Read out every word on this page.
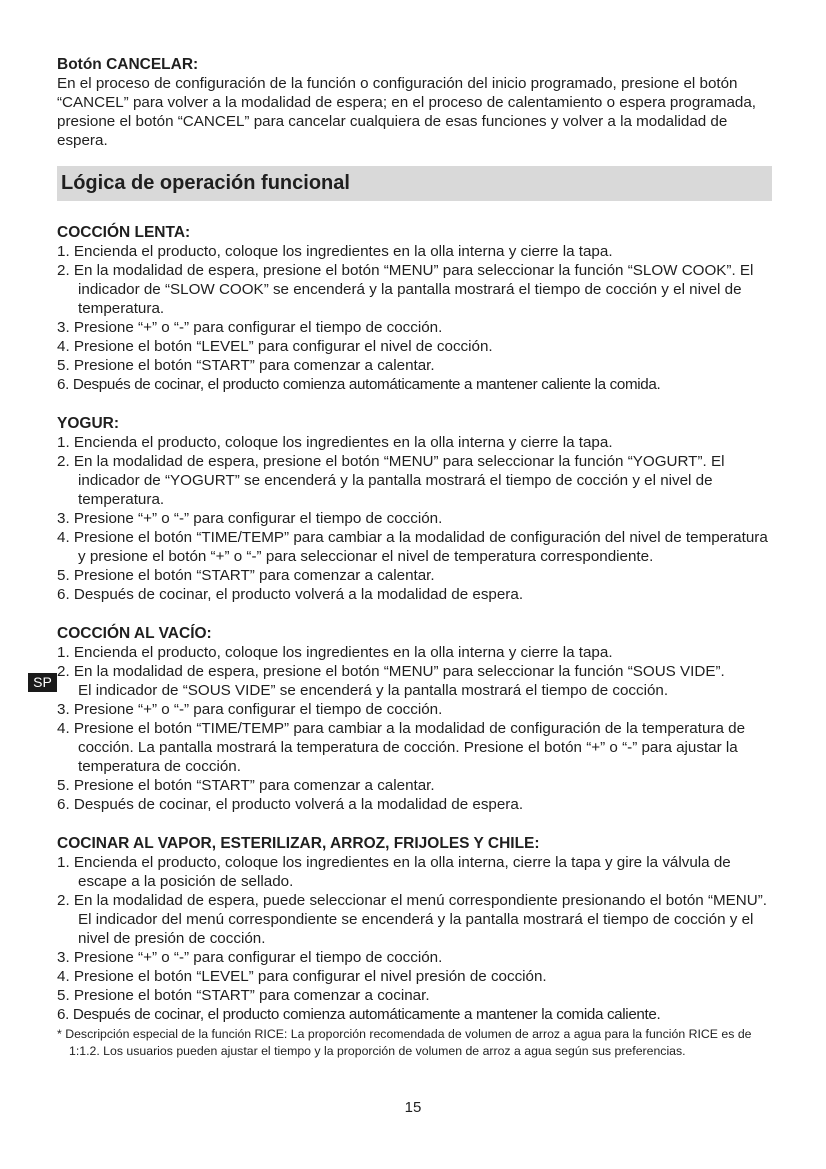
Botón CANCELAR:

En el proceso de configuración de la función o configuración del inicio programado, presione el botón “CANCEL” para volver a la modalidad de espera; en el proceso de calentamiento o espera programada, presione el botón “CANCEL” para cancelar cualquiera de esas funciones y volver a la modalidad de espera.

Lógica de operación funcional

COCCIÓN LENTA:

1. Encienda el producto, coloque los ingredientes en la olla interna y cierre la tapa.
2. En la modalidad de espera, presione el botón “MENU” para seleccionar la función “SLOW COOK”. El indicador de “SLOW COOK” se encenderá y la pantalla mostrará el tiempo de cocción y el nivel de temperatura.
3. Presione “+” o “-” para configurar el tiempo de cocción.
4. Presione el botón “LEVEL” para configurar el nivel de cocción.
5. Presione el botón “START” para comenzar a calentar.
6. Después de cocinar, el producto comienza automáticamente a mantener caliente la comida.

YOGUR:

1. Encienda el producto, coloque los ingredientes en la olla interna y cierre la tapa.
2. En la modalidad de espera, presione el botón “MENU” para seleccionar la función “YOGURT”. El indicador de “YOGURT” se encenderá y la pantalla mostrará el tiempo de cocción y el nivel de temperatura.
3. Presione “+” o “-” para configurar el tiempo de cocción.
4. Presione el botón “TIME/TEMP” para cambiar a la modalidad de configuración del nivel de temperatura y presione el botón “+” o “-” para seleccionar el nivel de temperatura correspondiente.
5. Presione el botón “START” para comenzar a calentar.
6. Después de cocinar, el producto volverá a la modalidad de espera.

COCCIÓN AL VACÍO:

1. Encienda el producto, coloque los ingredientes en la olla interna y cierre la tapa.
2. En la modalidad de espera, presione el botón “MENU” para seleccionar la función “SOUS VIDE”.
El indicador de “SOUS VIDE” se encenderá y la pantalla mostrará el tiempo de cocción.
3. Presione “+” o “-” para configurar el tiempo de cocción.
4. Presione el botón “TIME/TEMP” para cambiar a la modalidad de configuración de la temperatura de cocción. La pantalla mostrará la temperatura de cocción. Presione el botón “+” o “-” para ajustar la temperatura de cocción.
5. Presione el botón “START” para comenzar a calentar.
6. Después de cocinar, el producto volverá a la modalidad de espera.

COCINAR AL VAPOR, ESTERILIZAR, ARROZ, FRIJOLES Y CHILE:

1. Encienda el producto, coloque los ingredientes en la olla interna, cierre la tapa y gire la válvula de escape a la posición de sellado.
2. En la modalidad de espera, puede seleccionar el menú correspondiente presionando el botón “MENU”. El indicador del menú correspondiente se encenderá y la pantalla mostrará el tiempo de cocción y el nivel de presión de cocción.
3. Presione “+” o “-” para configurar el tiempo de cocción.
4. Presione el botón “LEVEL” para configurar el nivel presión de cocción.
5. Presione el botón “START” para comenzar a cocinar.
6. Después de cocinar, el producto comienza automáticamente a mantener la comida caliente.

* Descripción especial de la función RICE: La proporción recomendada de volumen de arroz a agua para la función RICE es de 1:1.2. Los usuarios pueden ajustar el tiempo y la proporción de volumen de arroz a agua según sus preferencias.

SP
15
